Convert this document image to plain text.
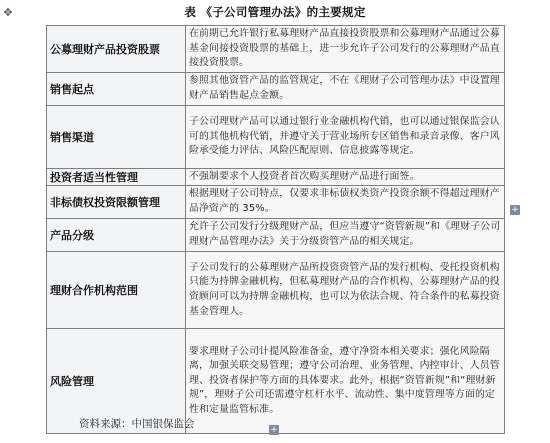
✥	表 《子公司管理办法》的主要规定
公募理财产品投资股票	在前期已允许银行私募理财产品直接投资股票和公募理财产品通过公募基金间接投资股票的基础上，进一步允许子公司发行的公募理财产品直接投资股票。
销售起点	参照其他资管产品的监管规定，不在《理财子公司管理办法》中设置理财产品销售起点金额。
销售渠道	子公司理财产品可以通过银行业金融机构代销，也可以通过银保监会认可的其他机构代销，并遵守关于营业场所专区销售和录音录像、客户风险承受能力评估、风险匹配原则、信息披露等规定。
投资者适当性管理	不强制要求个人投资者首次购买理财产品进行面签。
非标债权投资限额管理	根据理财子公司特点，仅要求非标债权类资产投资余额不得超过理财产品净资产的 35%。
产品分级	允许子公司发行分级理财产品，但应当遵守“资管新规”和《理财子公司理财产品管理办法》关于分级资管产品的相关规定。
理财合作机构范围	子公司发行的公募理财产品所投资资管产品的发行机构、受托投资机构只能为持牌金融机构，但私募理财产品的合作机构、公募理财产品的投资顾问可以为持牌金融机构，也可以为依法合规、符合条件的私募投资基金管理人。
风险管理	要求理财子公司计提风险准备金，遵守净资本相关要求；强化风险隔离，加强关联交易管理；遵守公司治理、业务管理、内控审计、人员管理、投资者保护等方面的具体要求。此外，根据“资管新规”和“理财新规”，理财子公司还需遵守杠杆水平、流动性、集中度管理等方面的定性和定量监管标准。
资料来源：中国银保监会
+
+
